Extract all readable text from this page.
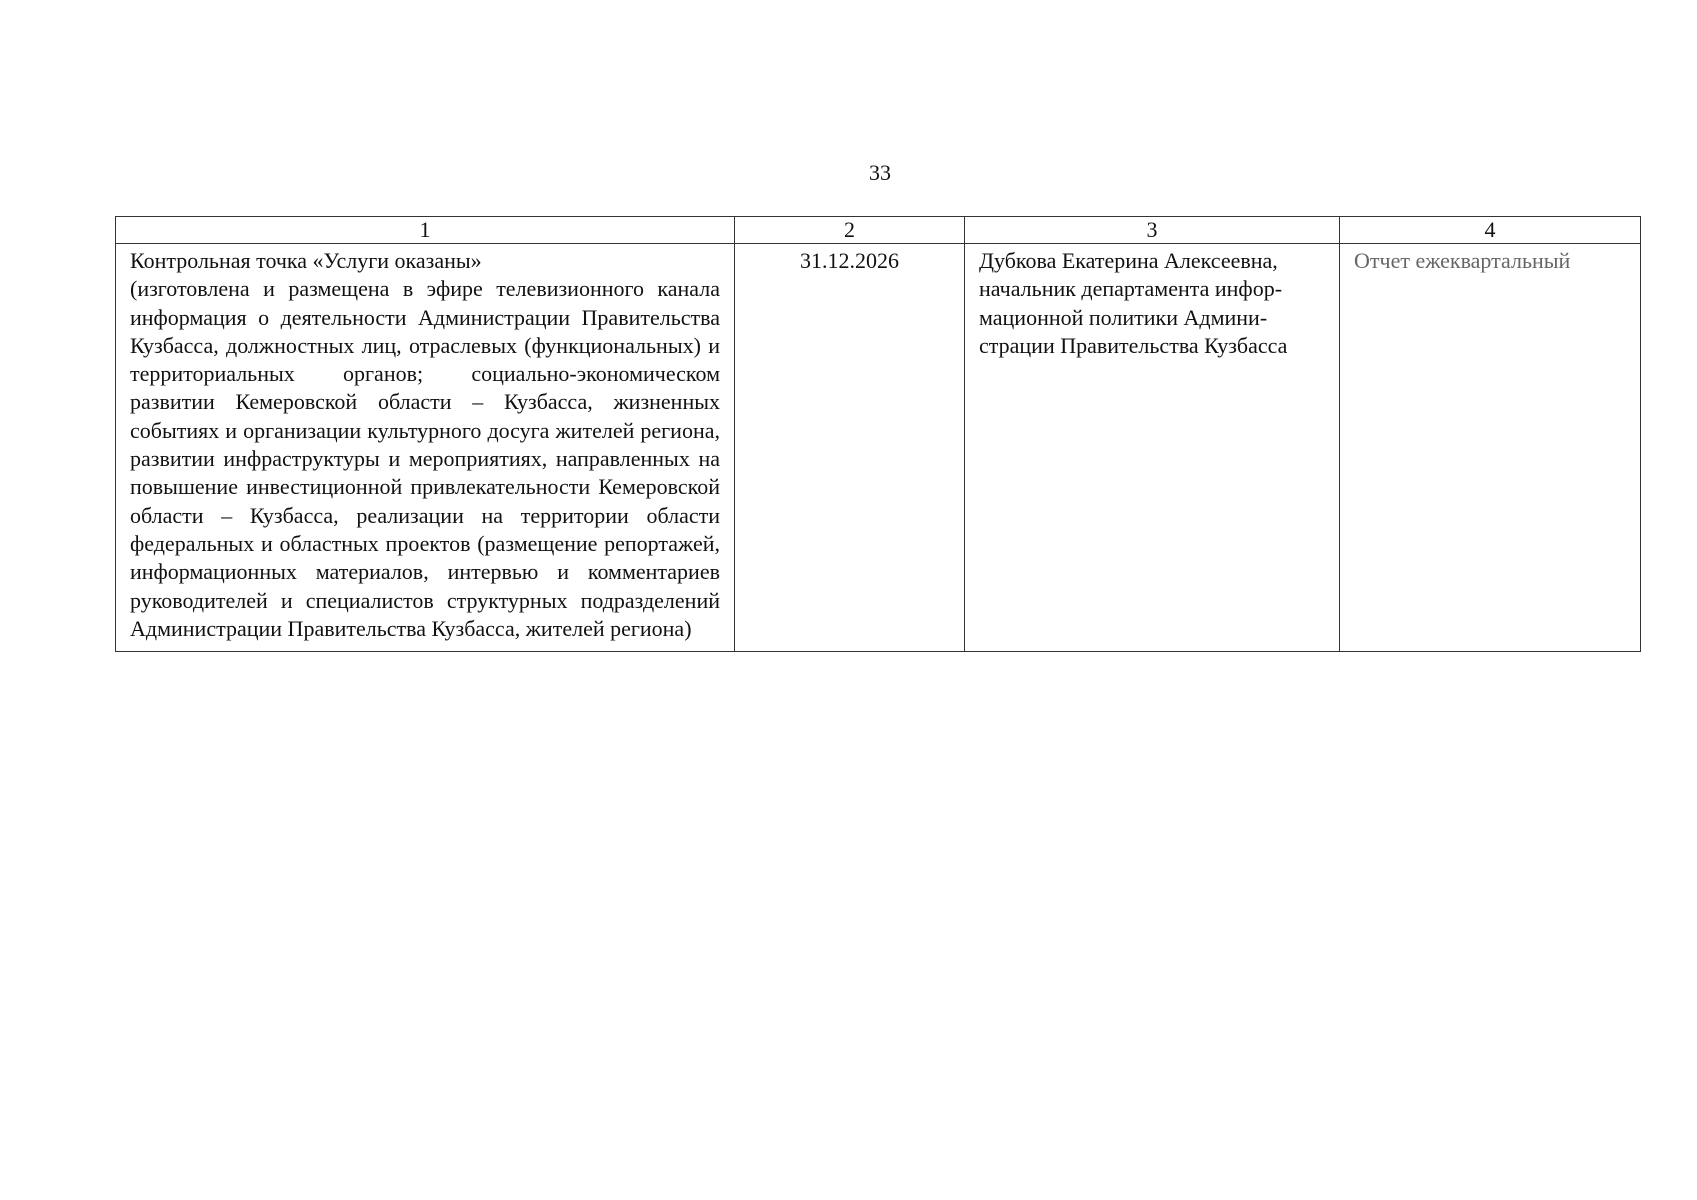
33
1	2	3	4

Контрольная точка «Услуги оказаны»
(изготовлена и размещена в эфире телевизионного канала информация о деятельности Администрации Правительства Кузбасса, должностных лиц, отраслевых (функциональных) и территориальных органов; социально-экономическом развитии Кемеровской области – Кузбасса, жизненных событиях и организации культурного досуга жителей региона, развитии инфраструктуры и мероприятиях, направленных на повышение инвестиционной привлекательности Кемеровской области – Кузбасса, реализации на территории области федеральных и областных проектов (размещение репортажей, информационных материалов, интервью и комментариев руководителей и специалистов структурных подразделений Администрации Правительства Кузбасса, жителей региона)	31.12.2026	Дубкова Екатерина Алексеевна, начальник департамента информационной политики Администрации Правительства Кузбасса	Отчет ежеквартальный
